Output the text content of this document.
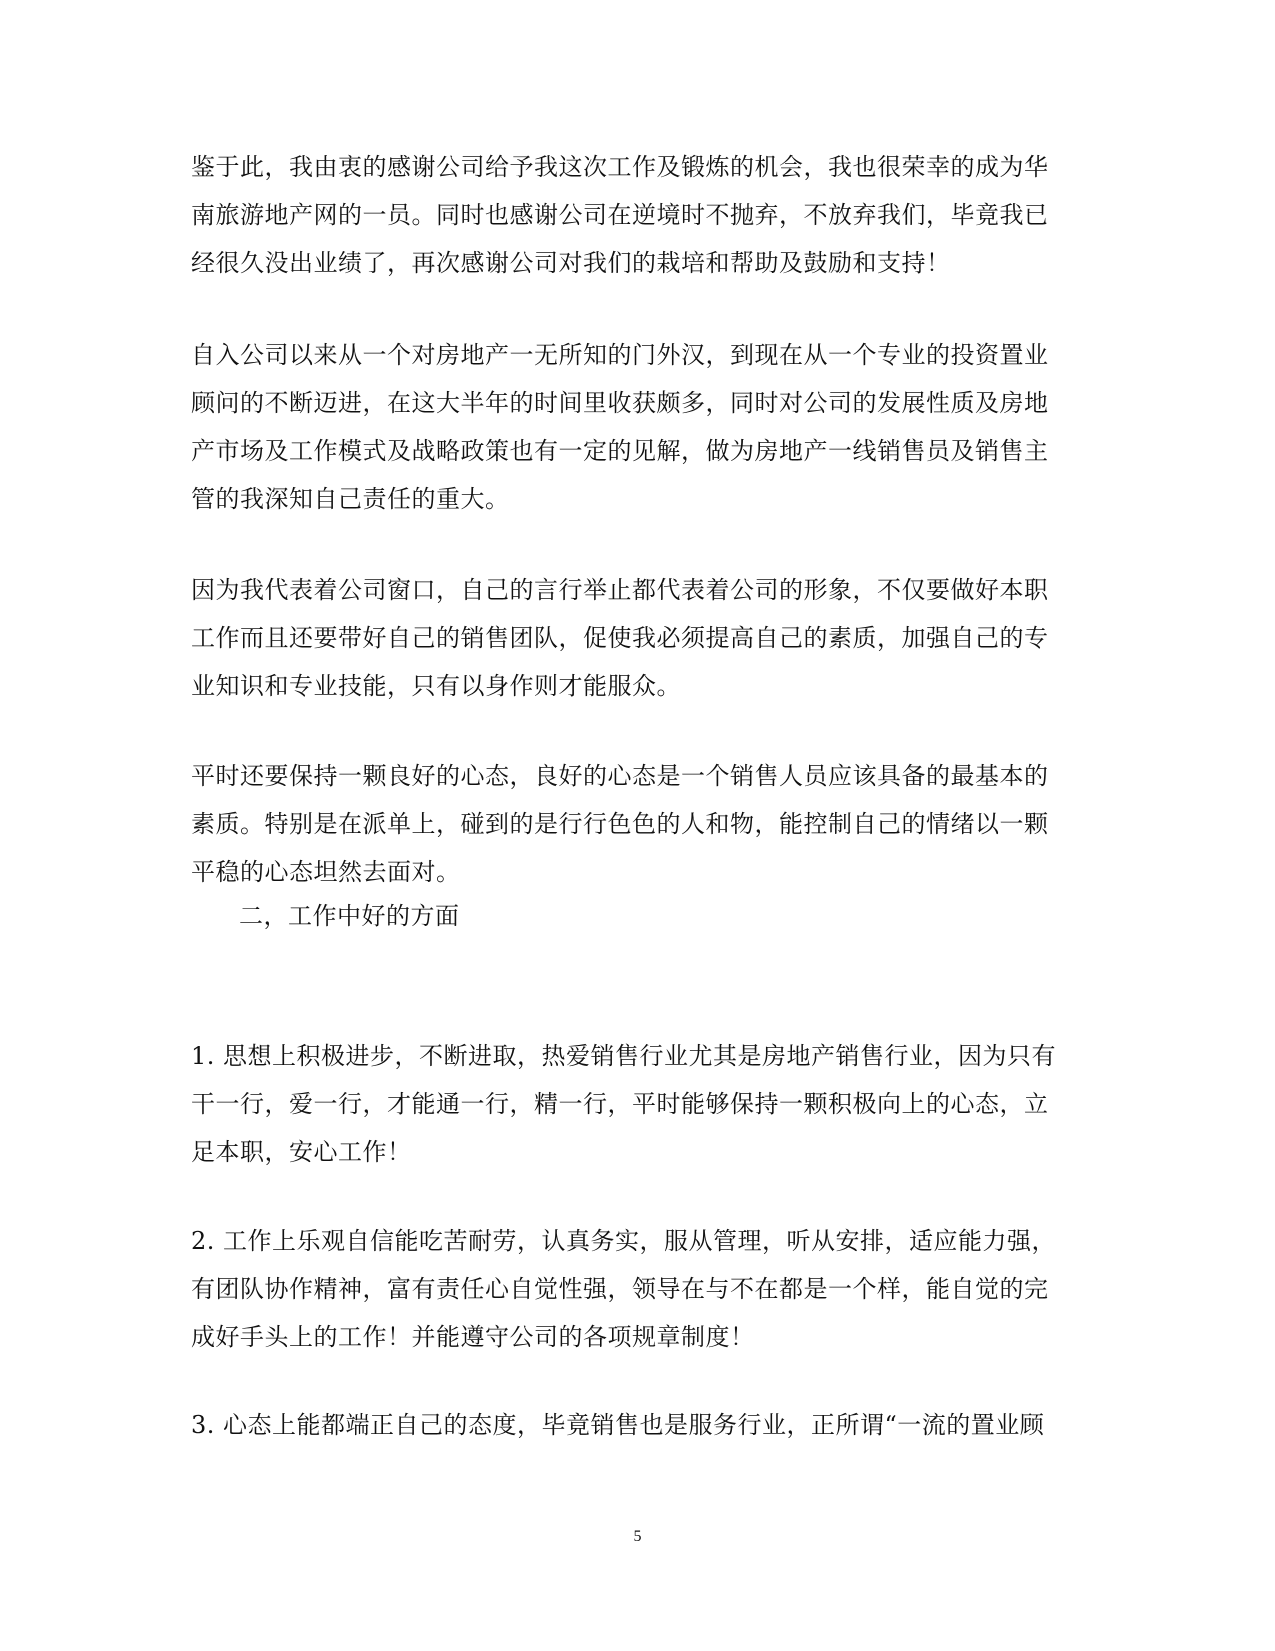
鉴于此，我由衷的感谢公司给予我这次工作及锻炼的机会，我也很荣幸的成为华
南旅游地产网的一员。同时也感谢公司在逆境时不抛弃，不放弃我们，毕竟我已
经很久没出业绩了，再次感谢公司对我们的栽培和帮助及鼓励和支持！
自入公司以来从一个对房地产一无所知的门外汉，到现在从一个专业的投资置业
顾问的不断迈进，在这大半年的时间里收获颇多，同时对公司的发展性质及房地
产市场及工作模式及战略政策也有一定的见解，做为房地产一线销售员及销售主
管的我深知自己责任的重大。
因为我代表着公司窗口，自己的言行举止都代表着公司的形象，不仅要做好本职
工作而且还要带好自己的销售团队，促使我必须提高自己的素质，加强自己的专
业知识和专业技能，只有以身作则才能服众。
平时还要保持一颗良好的心态，良好的心态是一个销售人员应该具备的最基本的
素质。特别是在派单上，碰到的是行行色色的人和物，能控制自己的情绪以一颗
平稳的心态坦然去面对。
二，工作中好的方面
1. 思想上积极进步，不断进取，热爱销售行业尤其是房地产销售行业，因为只有
干一行，爱一行，才能通一行，精一行，平时能够保持一颗积极向上的心态，立
足本职，安心工作！
2. 工作上乐观自信能吃苦耐劳，认真务实，服从管理，听从安排，适应能力强，
有团队协作精神，富有责任心自觉性强，领导在与不在都是一个样，能自觉的完
成好手头上的工作！并能遵守公司的各项规章制度！
3. 心态上能都端正自己的态度，毕竟销售也是服务行业，正所谓“一流的置业顾
5
